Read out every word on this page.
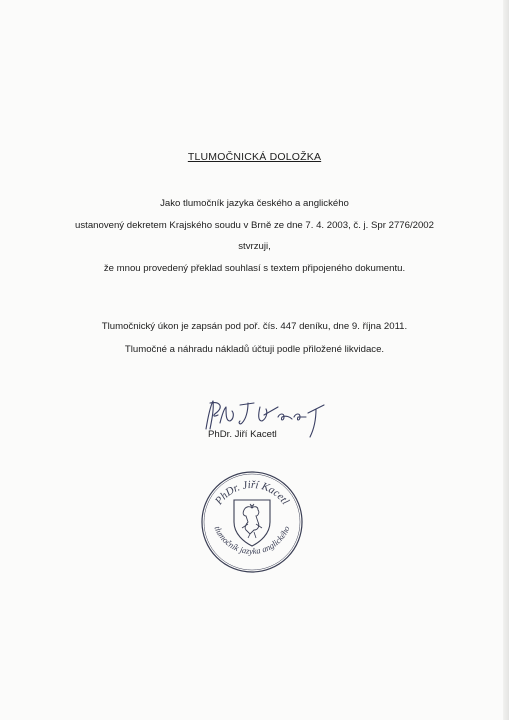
TLUMOČNICKÁ DOLOŽKA
Jako tlumočník jazyka českého a anglického
ustanovený dekretem Krajského soudu v Brně ze dne 7. 4. 2003, č. j. Spr 2776/2002
stvrzuji,
že mnou provedený překlad souhlasí s textem připojeného dokumentu.
Tlumočnický úkon je zapsán pod poř. čís. 447 deníku, dne 9. října 2011.
Tlumočné a náhradu nákladů účtuji podle přiložené likvidace.
PhDr. Jiří Kacetl
PhDr. Jiří Kacetl
tlumočník jazyka anglického
